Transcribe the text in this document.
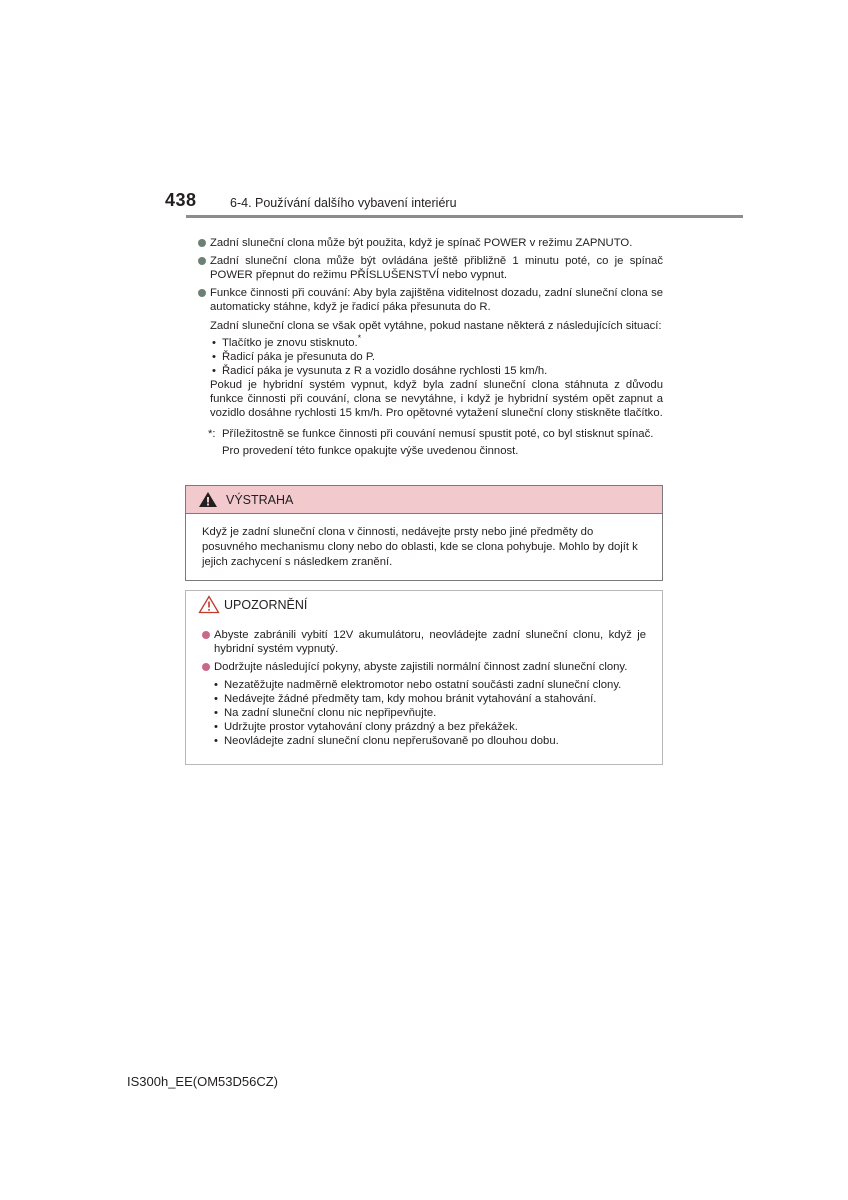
438	6-4. Používání dalšího vybavení interiéru
Zadní sluneční clona může být použita, když je spínač POWER v režimu ZAPNUTO.
Zadní sluneční clona může být ovládána ještě přibližně 1 minutu poté, co je spínač POWER přepnut do režimu PŘÍSLUŠENSTVÍ nebo vypnut.
Funkce činnosti při couvání: Aby byla zajištěna viditelnost dozadu, zadní sluneční clona se automaticky stáhne, když je řadicí páka přesunuta do R.
Zadní sluneční clona se však opět vytáhne, pokud nastane některá z následujících situací:
• Tlačítko je znovu stisknuto.*
• Řadicí páka je přesunuta do P.
• Řadicí páka je vysunuta z R a vozidlo dosáhne rychlosti 15 km/h.
Pokud je hybridní systém vypnut, když byla zadní sluneční clona stáhnuta z důvodu funkce činnosti při couvání, clona se nevytáhne, i když je hybridní systém opět zapnut a vozidlo dosáhne rychlosti 15 km/h. Pro opětovné vytažení sluneční clony stiskněte tlačítko.
*: Příležitostně se funkce činnosti při couvání nemusí spustit poté, co byl stisknut spínač. Pro provedení této funkce opakujte výše uvedenou činnost.
VÝSTRAHA
Když je zadní sluneční clona v činnosti, nedávejte prsty nebo jiné předměty do posuvného mechanismu clony nebo do oblasti, kde se clona pohybuje. Mohlo by dojít k jejich zachycení s následkem zranění.
UPOZORNĚNÍ
Abyste zabránili vybití 12V akumulátoru, neovládejte zadní sluneční clonu, když je hybridní systém vypnutý.
Dodržujte následující pokyny, abyste zajistili normální činnost zadní sluneční clony.
• Nezatěžujte nadměrně elektromotor nebo ostatní součásti zadní sluneční clony.
• Nedávejte žádné předměty tam, kdy mohou bránit vytahování a stahování.
• Na zadní sluneční clonu nic nepřipevňujte.
• Udržujte prostor vytahování clony prázdný a bez překážek.
• Neovládejte zadní sluneční clonu nepřerušovaně po dlouhou dobu.
IS300h_EE(OM53D56CZ)
